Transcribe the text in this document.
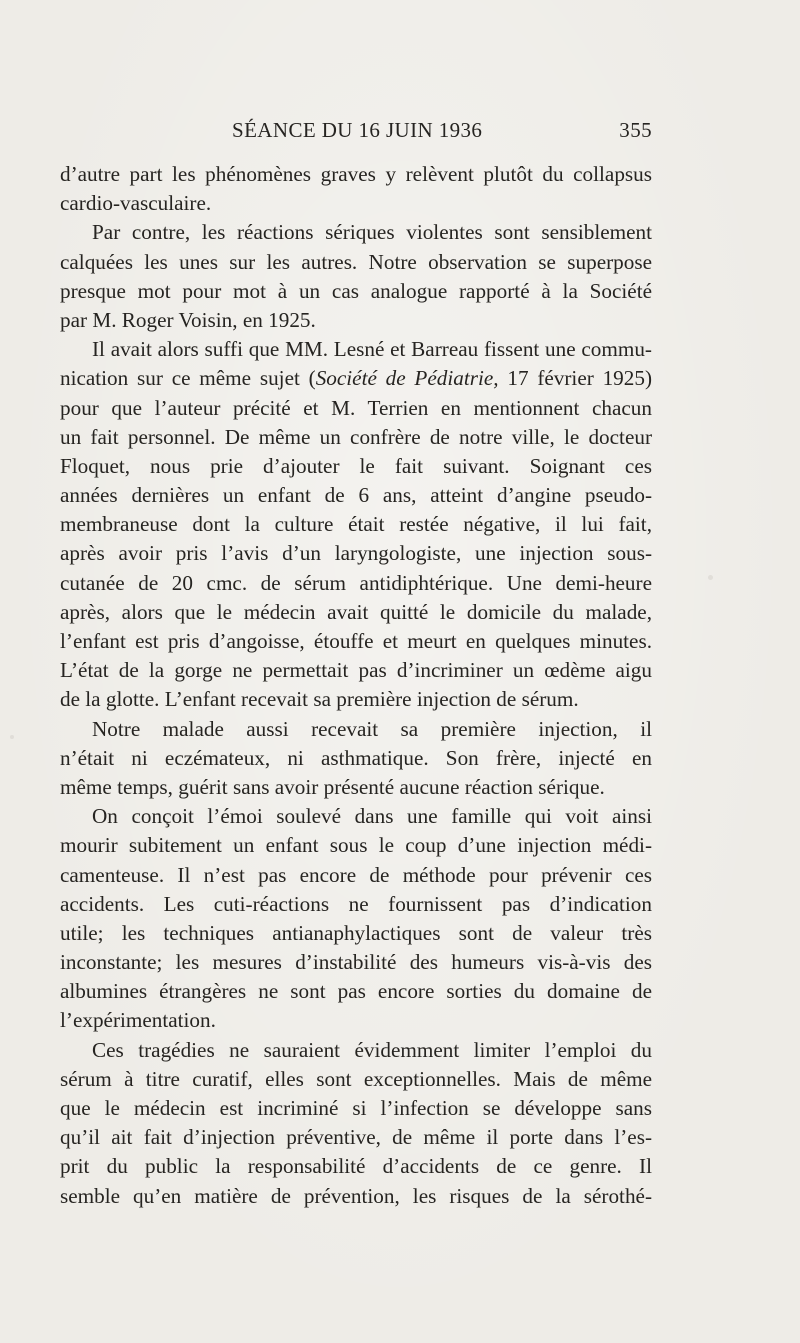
SÉANCE DU 16 JUIN 1936	355
d’autre part les phénomènes graves y relèvent plutôt du collapsus
cardio-vasculaire.
Par contre, les réactions sériques violentes sont sensiblement
calquées les unes sur les autres. Notre observation se superpose
presque mot pour mot à un cas analogue rapporté à la Société
par M. Roger Voisin, en 1925.
Il avait alors suffi que MM. Lesné et Barreau fissent une commu-
nication sur ce même sujet (Société de Pédiatrie, 17 février 1925)
pour que l’auteur précité et M. Terrien en mentionnent chacun
un fait personnel. De même un confrère de notre ville, le docteur
Floquet, nous prie d’ajouter le fait suivant. Soignant ces
années dernières un enfant de 6 ans, atteint d’angine pseudo-
membraneuse dont la culture était restée négative, il lui fait,
après avoir pris l’avis d’un laryngologiste, une injection sous-
cutanée de 20 cmc. de sérum antidiphtérique. Une demi-heure
après, alors que le médecin avait quitté le domicile du malade,
l’enfant est pris d’angoisse, étouffe et meurt en quelques minutes.
L’état de la gorge ne permettait pas d’incriminer un œdème aigu
de la glotte. L’enfant recevait sa première injection de sérum.
Notre malade aussi recevait sa première injection, il
n’était ni eczémateux, ni asthmatique. Son frère, injecté en
même temps, guérit sans avoir présenté aucune réaction sérique.
On conçoit l’émoi soulevé dans une famille qui voit ainsi
mourir subitement un enfant sous le coup d’une injection médi-
camenteuse. Il n’est pas encore de méthode pour prévenir ces
accidents. Les cuti-réactions ne fournissent pas d’indication
utile; les techniques antianaphylactiques sont de valeur très
inconstante; les mesures d’instabilité des humeurs vis-à-vis des
albumines étrangères ne sont pas encore sorties du domaine de
l’expérimentation.
Ces tragédies ne sauraient évidemment limiter l’emploi du
sérum à titre curatif, elles sont exceptionnelles. Mais de même
que le médecin est incriminé si l’infection se développe sans
qu’il ait fait d’injection préventive, de même il porte dans l’es-
prit du public la responsabilité d’accidents de ce genre. Il
semble qu’en matière de prévention, les risques de la sérothé-
